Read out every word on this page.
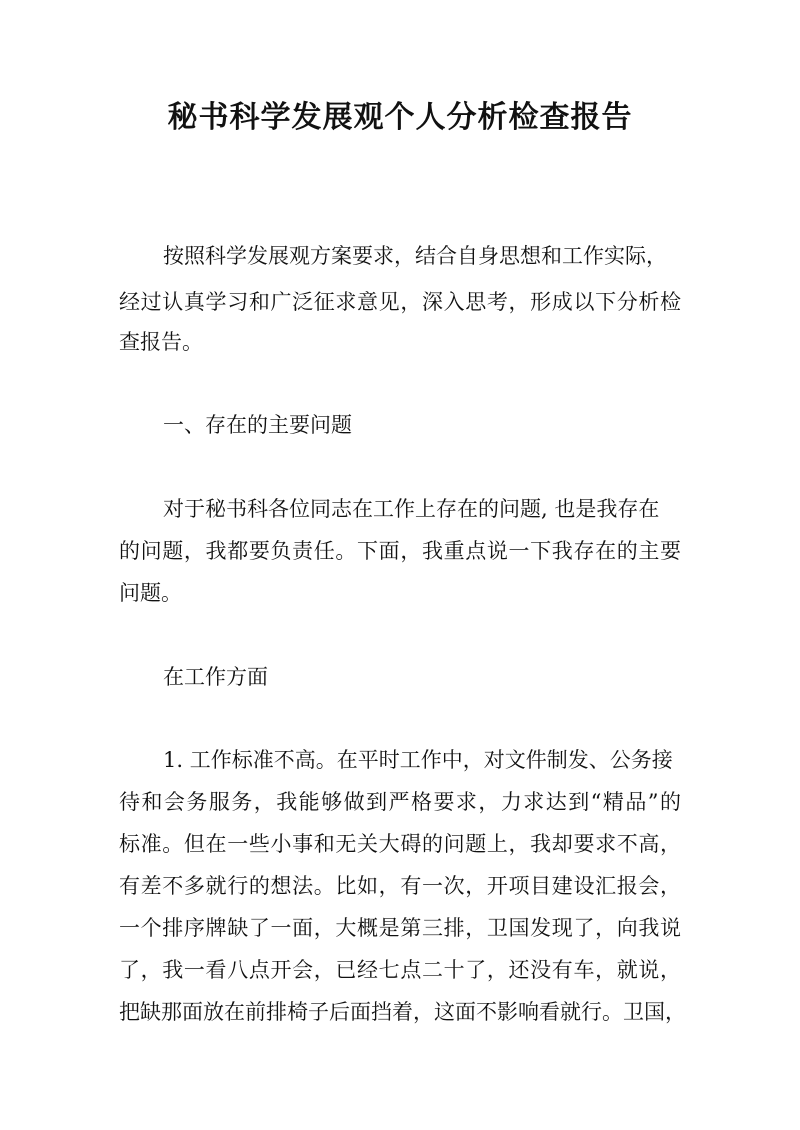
秘书科学发展观个人分析检查报告
按照科学发展观方案要求，结合自身思想和工作实际，
经过认真学习和广泛征求意见，深入思考，形成以下分析检
查报告。
一、存在的主要问题
对于秘书科各位同志在工作上存在的问题, 也是我存在
的问题，我都要负责任。下面，我重点说一下我存在的主要
问题。
在工作方面
1. 工作标准不高。在平时工作中，对文件制发、公务接
待和会务服务，我能够做到严格要求，力求达到“精品”的
标准。但在一些小事和无关大碍的问题上，我却要求不高，
有差不多就行的想法。比如，有一次，开项目建设汇报会，
一个排序牌缺了一面，大概是第三排，卫国发现了，向我说
了，我一看八点开会，已经七点二十了，还没有车，就说，
把缺那面放在前排椅子后面挡着，这面不影响看就行。卫国，
